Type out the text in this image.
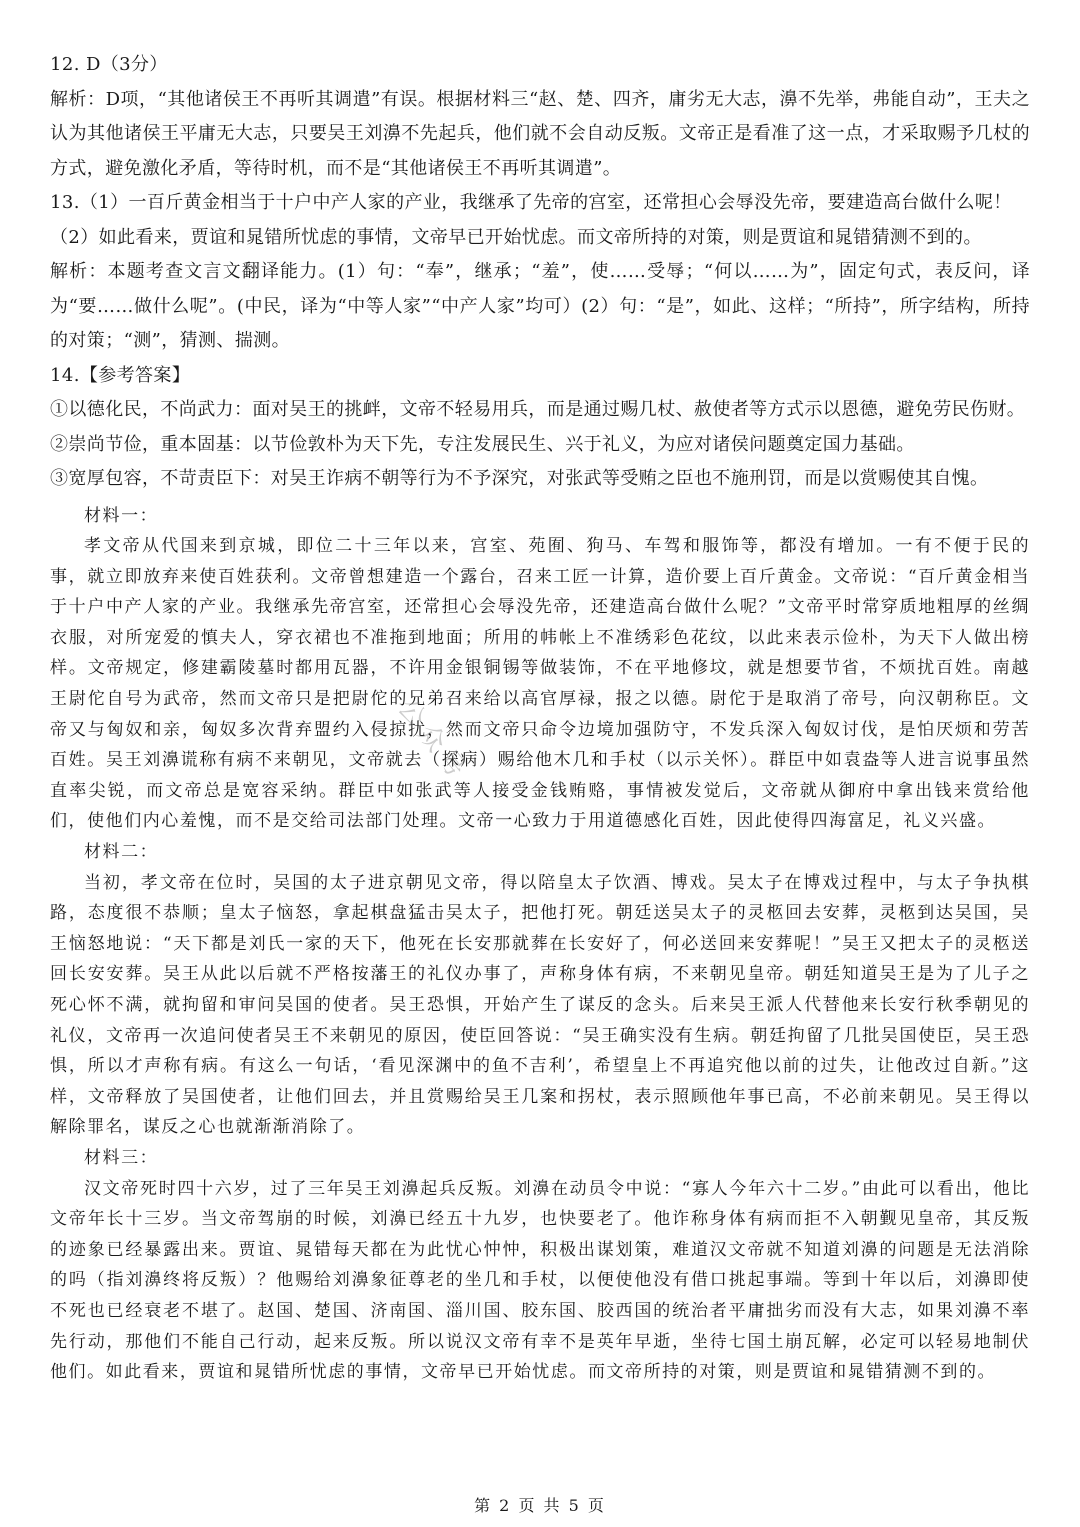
12. D（3分）

解析：D项，“其他诸侯王不再听其调遣”有误。根据材料三“赵、楚、四齐，庸劣无大志，濞不先举，弗能自动”，王夫之认为其他诸侯王平庸无大志，只要吴王刘濞不先起兵，他们就不会自动反叛。文帝正是看准了这一点，才采取赐予几杖的方式，避免激化矛盾，等待时机，而不是“其他诸侯王不再听其调遣”。

13.（1）一百斤黄金相当于十户中产人家的产业，我继承了先帝的宫室，还常担心会辱没先帝，要建造高台做什么呢！

（2）如此看来，贾谊和晁错所忧虑的事情，文帝早已开始忧虑。而文帝所持的对策，则是贾谊和晁错猜测不到的。

解析：本题考查文言文翻译能力。(1）句：“奉”，继承；“羞”，使……受辱；“何以……为”，固定句式，表反问，译为“要……做什么呢”。(中民，译为“中等人家”“中产人家”均可）(2）句：“是”，如此、这样；“所持”，所字结构，所持的对策；“测”，猜测、揣测。

14.【参考答案】

①以德化民，不尚武力：面对吴王的挑衅，文帝不轻易用兵，而是通过赐几杖、赦使者等方式示以恩德，避免劳民伤财。

②崇尚节俭，重本固基：以节俭敦朴为天下先，专注发展民生、兴于礼义，为应对诸侯问题奠定国力基础。

③宽厚包容，不苛责臣下：对吴王诈病不朝等行为不予深究，对张武等受贿之臣也不施刑罚，而是以赏赐使其自愧。

材料一：

孝文帝从代国来到京城，即位二十三年以来，宫室、苑囿、狗马、车驾和服饰等，都没有增加。一有不便于民的事，就立即放弃来使百姓获利。文帝曾想建造一个露台，召来工匠一计算，造价要上百斤黄金。文帝说：“百斤黄金相当于十户中产人家的产业。我继承先帝宫室，还常担心会辱没先帝，还建造高台做什么呢？”文帝平时常穿质地粗厚的丝绸衣服，对所宠爱的慎夫人，穿衣裙也不准拖到地面；所用的帏帐上不准绣彩色花纹，以此来表示俭朴，为天下人做出榜样。文帝规定，修建霸陵墓时都用瓦器，不许用金银铜锡等做装饰，不在平地修坟，就是想要节省，不烦扰百姓。南越王尉佗自号为武帝，然而文帝只是把尉佗的兄弟召来给以高官厚禄，报之以德。尉佗于是取消了帝号，向汉朝称臣。文帝又与匈奴和亲，匈奴多次背弃盟约入侵掠扰，然而文帝只命令边境加强防守，不发兵深入匈奴讨伐，是怕厌烦和劳苦百姓。吴王刘濞谎称有病不来朝见，文帝就去（探病）赐给他木几和手杖（以示关怀）。群臣中如袁盎等人进言说事虽然直率尖锐，而文帝总是宽容采纳。群臣中如张武等人接受金钱贿赂，事情被发觉后，文帝就从御府中拿出钱来赏给他们，使他们内心羞愧，而不是交给司法部门处理。文帝一心致力于用道德感化百姓，因此使得四海富足，礼义兴盛。

材料二：

当初，孝文帝在位时，吴国的太子进京朝见文帝，得以陪皇太子饮酒、博戏。吴太子在博戏过程中，与太子争执棋路，态度很不恭顺；皇太子恼怒，拿起棋盘猛击吴太子，把他打死。朝廷送吴太子的灵柩回去安葬，灵柩到达吴国，吴王恼怒地说：“天下都是刘氏一家的天下，他死在长安那就葬在长安好了，何必送回来安葬呢！”吴王又把太子的灵柩送回长安安葬。吴王从此以后就不严格按藩王的礼仪办事了，声称身体有病，不来朝见皇帝。朝廷知道吴王是为了儿子之死心怀不满，就拘留和审问吴国的使者。吴王恐惧，开始产生了谋反的念头。后来吴王派人代替他来长安行秋季朝见的礼仪，文帝再一次追问使者吴王不来朝见的原因，使臣回答说：“吴王确实没有生病。朝廷拘留了几批吴国使臣，吴王恐惧，所以才声称有病。有这么一句话，‘看见深渊中的鱼不吉利’，希望皇上不再追究他以前的过失，让他改过自新。”这样，文帝释放了吴国使者，让他们回去，并且赏赐给吴王几案和拐杖，表示照顾他年事已高，不必前来朝见。吴王得以解除罪名，谋反之心也就渐渐消除了。

材料三：

汉文帝死时四十六岁，过了三年吴王刘濞起兵反叛。刘濞在动员令中说：“寡人今年六十二岁。”由此可以看出，他比文帝年长十三岁。当文帝驾崩的时候，刘濞已经五十九岁，也快要老了。他诈称身体有病而拒不入朝觐见皇帝，其反叛的迹象已经暴露出来。贾谊、晁错每天都在为此忧心忡忡，积极出谋划策，难道汉文帝就不知道刘濞的问题是无法消除的吗（指刘濞终将反叛）？他赐给刘濞象征尊老的坐几和手杖，以便使他没有借口挑起事端。等到十年以后，刘濞即使不死也已经衰老不堪了。赵国、楚国、济南国、淄川国、胶东国、胶西国的统治者平庸拙劣而没有大志，如果刘濞不率先行动，那他们不能自己行动，起来反叛。所以说汉文帝有幸不是英年早逝，坐待七国土崩瓦解，必定可以轻易地制伏他们。如此看来，贾谊和晁错所忧虑的事情，文帝早已开始忧虑。而文帝所持的对策，则是贾谊和晁错猜测不到的。

公众号
第 2 页 共 5 页
